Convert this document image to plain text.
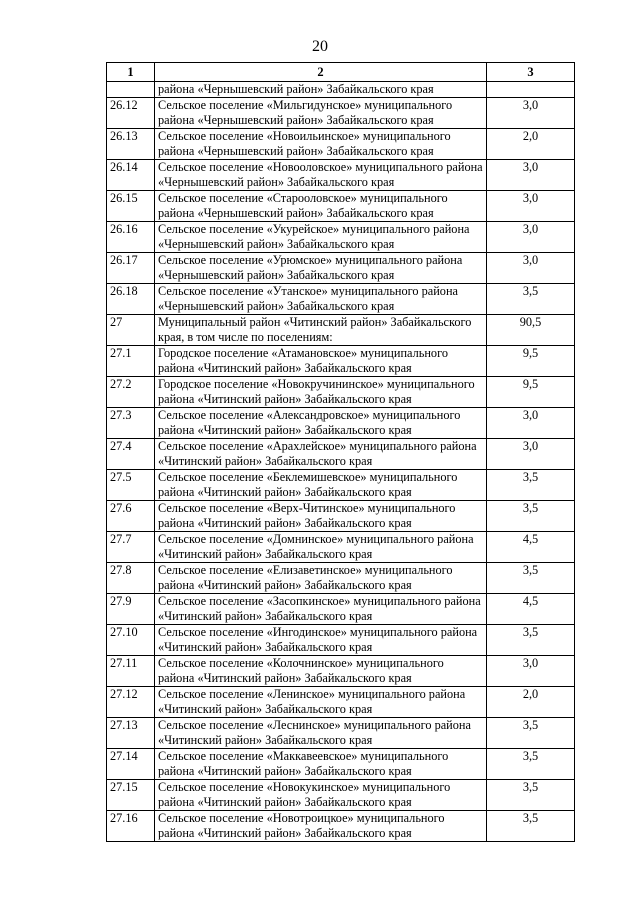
20
1	2	3
	района «Чернышевский район» Забайкальского края	
26.12	Сельское поселение «Мильгидунское» муниципального района «Чернышевский район» Забайкальского края	3,0
26.13	Сельское поселение «Новоильинское» муниципального района «Чернышевский район» Забайкальского края	2,0
26.14	Сельское поселение «Новооловское» муниципального района «Чернышевский район» Забайкальского края	3,0
26.15	Сельское поселение «Старооловское» муниципального района «Чернышевский район» Забайкальского края	3,0
26.16	Сельское поселение «Укурейское» муниципального района «Чернышевский район» Забайкальского края	3,0
26.17	Сельское поселение «Урюмское» муниципального района «Чернышевский район» Забайкальского края	3,0
26.18	Сельское поселение «Утанское» муниципального района «Чернышевский район» Забайкальского края	3,5
27	Муниципальный район «Читинский район» Забайкальского края, в том числе по поселениям:	90,5
27.1	Городское поселение «Атамановское» муниципального района «Читинский район» Забайкальского края	9,5
27.2	Городское поселение «Новокручининское» муниципального района «Читинский район» Забайкальского края	9,5
27.3	Сельское поселение «Александровское» муниципального района «Читинский район» Забайкальского края	3,0
27.4	Сельское поселение «Арахлейское» муниципального района «Читинский район» Забайкальского края	3,0
27.5	Сельское поселение «Беклемишевское» муниципального района «Читинский район» Забайкальского края	3,5
27.6	Сельское поселение «Верх-Читинское» муниципального района «Читинский район» Забайкальского края	3,5
27.7	Сельское поселение «Домнинское» муниципального района «Читинский район» Забайкальского края	4,5
27.8	Сельское поселение «Елизаветинское» муниципального района «Читинский район» Забайкальского края	3,5
27.9	Сельское поселение «Засопкинское» муниципального района «Читинский район» Забайкальского края	4,5
27.10	Сельское поселение «Ингодинское» муниципального района «Читинский район» Забайкальского края	3,5
27.11	Сельское поселение «Колочнинское» муниципального района «Читинский район» Забайкальского края	3,0
27.12	Сельское поселение «Ленинское» муниципального района «Читинский район» Забайкальского края	2,0
27.13	Сельское поселение «Леснинское» муниципального района «Читинский район» Забайкальского края	3,5
27.14	Сельское поселение «Маккавеевское» муниципального района «Читинский район» Забайкальского края	3,5
27.15	Сельское поселение «Новокукинское» муниципального района «Читинский район» Забайкальского края	3,5
27.16	Сельское поселение «Новотроицкое» муниципального района «Читинский район» Забайкальского края	3,5
